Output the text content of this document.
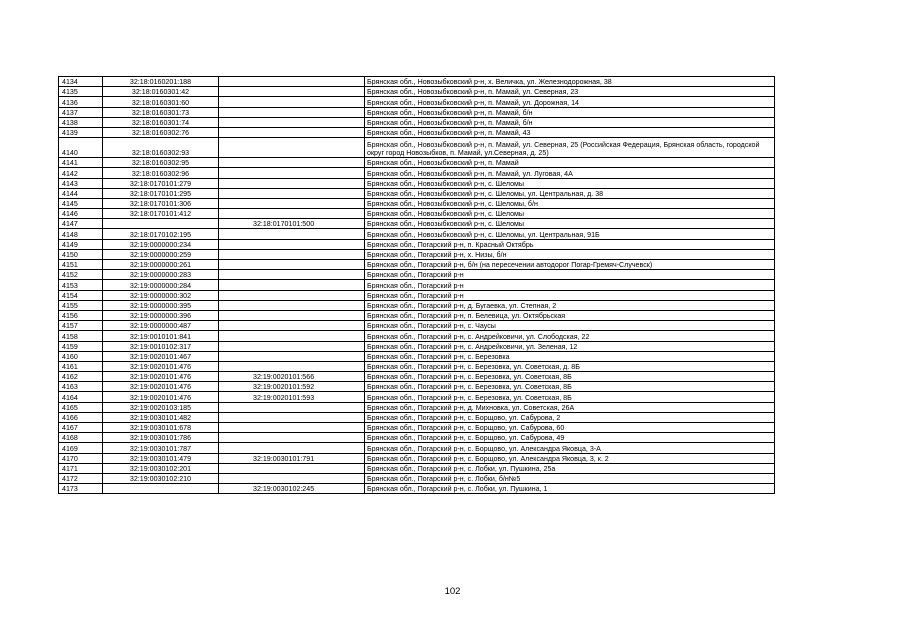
4134	32:18:0160201:188		Брянская обл., Новозыбковский р-н, х. Величка, ул. Железнодорожная, 38
4135	32:18:0160301:42		Брянская обл., Новозыбковский р-н, п. Мамай, ул. Северная, 23
4136	32:18:0160301:60		Брянская обл., Новозыбковский р-н, п. Мамай, ул. Дорожная, 14
4137	32:18:0160301:73		Брянская обл., Новозыбковский р-н, п. Мамай, б/н
4138	32:18:0160301:74		Брянская обл., Новозыбковский р-н, п. Мамай, б/н
4139	32:18:0160302:76		Брянская обл., Новозыбковский р-н, п. Мамай, 43
4140	32:18:0160302:93		Брянская обл., Новозыбковский р-н, п. Мамай, ул. Северная, 25 (Российская Федерация, Брянская область, городской округ город Новозыбков, п. Мамай, ул.Северная, д. 25)
4141	32:18:0160302:95		Брянская обл., Новозыбковский р-н, п. Мамай
4142	32:18:0160302:96		Брянская обл., Новозыбковский р-н, п. Мамай, ул. Луговая, 4А
4143	32:18:0170101:279		Брянская обл., Новозыбковский р-н, с. Шеломы
4144	32:18:0170101:295		Брянская обл., Новозыбковский р-н, с. Шеломы, ул. Центральная, д. 38
4145	32:18:0170101:306		Брянская обл., Новозыбковский р-н, с. Шеломы, б/н
4146	32:18:0170101:412		Брянская обл., Новозыбковский р-н, с. Шеломы
4147		32:18:0170101:500	Брянская обл., Новозыбковский р-н, с. Шеломы
4148	32:18:0170102:195		Брянская обл., Новозыбковский р-н, с. Шеломы, ул. Центральная, 91Б
4149	32:19:0000000:234		Брянская обл., Погарский р-н, п. Красный Октябрь
4150	32:19:0000000:259		Брянская обл., Погарский р-н, х. Низы, б/н
4151	32:19:0000000:261		Брянская обл., Погарский р-н, б/н (на пересечении автодорог Погар-Гремяч-Случевск)
4152	32:19:0000000:283		Брянская обл., Погарский р-н
4153	32:19:0000000:284		Брянская обл., Погарский р-н
4154	32:19:0000000:302		Брянская обл., Погарский р-н
4155	32:19:0000000:395		Брянская обл., Погарский р-н, д. Бугаевка, ул. Степная, 2
4156	32:19:0000000:396		Брянская обл., Погарский р-н, п. Белевица, ул. Октябрьская
4157	32:19:0000000:487		Брянская обл., Погарский р-н, с. Чаусы
4158	32:19:0010101:841		Брянская обл., Погарский р-н, с. Андрейковичи, ул. Слободская, 22
4159	32:19:0010102:317		Брянская обл., Погарский р-н, с. Андрейковичи, ул. Зеленая, 12
4160	32:19:0020101:467		Брянская обл., Погарский р-н, с. Березовка
4161	32:19:0020101:476		Брянская обл., Погарский р-н, с. Березовка, ул. Советская, д. 8Б
4162	32:19:0020101:476	32:19:0020101:566	Брянская обл., Погарский р-н, с. Березовка, ул. Советская, 8Б
4163	32:19:0020101:476	32:19:0020101:592	Брянская обл., Погарский р-н, с. Березовка, ул. Советская, 8Б
4164	32:19:0020101:476	32:19:0020101:593	Брянская обл., Погарский р-н, с. Березовка, ул. Советская, 8Б
4165	32:19:0020103:185		Брянская обл., Погарский р-н, д. Михновка, ул. Советская, 26А
4166	32:19:0030101:482		Брянская обл., Погарский р-н, с. Борщово, ул. Сабурова, 2
4167	32:19:0030101:678		Брянская обл., Погарский р-н, с. Борщово, ул. Сабурова, 60
4168	32:19:0030101:786		Брянская обл., Погарский р-н, с. Борщово, ул. Сабурова, 49
4169	32:19:0030101:787		Брянская обл., Погарский р-н, с. Борщово, ул. Александра Яковца, 3-А
4170	32:19:0030101:479	32:19:0030101:791	Брянская обл., Погарский р-н, с. Борщово, ул. Александра Яковца, 3, к. 2
4171	32:19:0030102:201		Брянская обл., Погарский р-н, с. Лобки, ул. Пушкина, 25а
4172	32:19:0030102:210		Брянская обл., Погарский р-н, с. Лобки, б/н№5
4173		32:19:0030102:245	Брянская обл., Погарский р-н, с. Лобки, ул. Пушкина, 1
102
